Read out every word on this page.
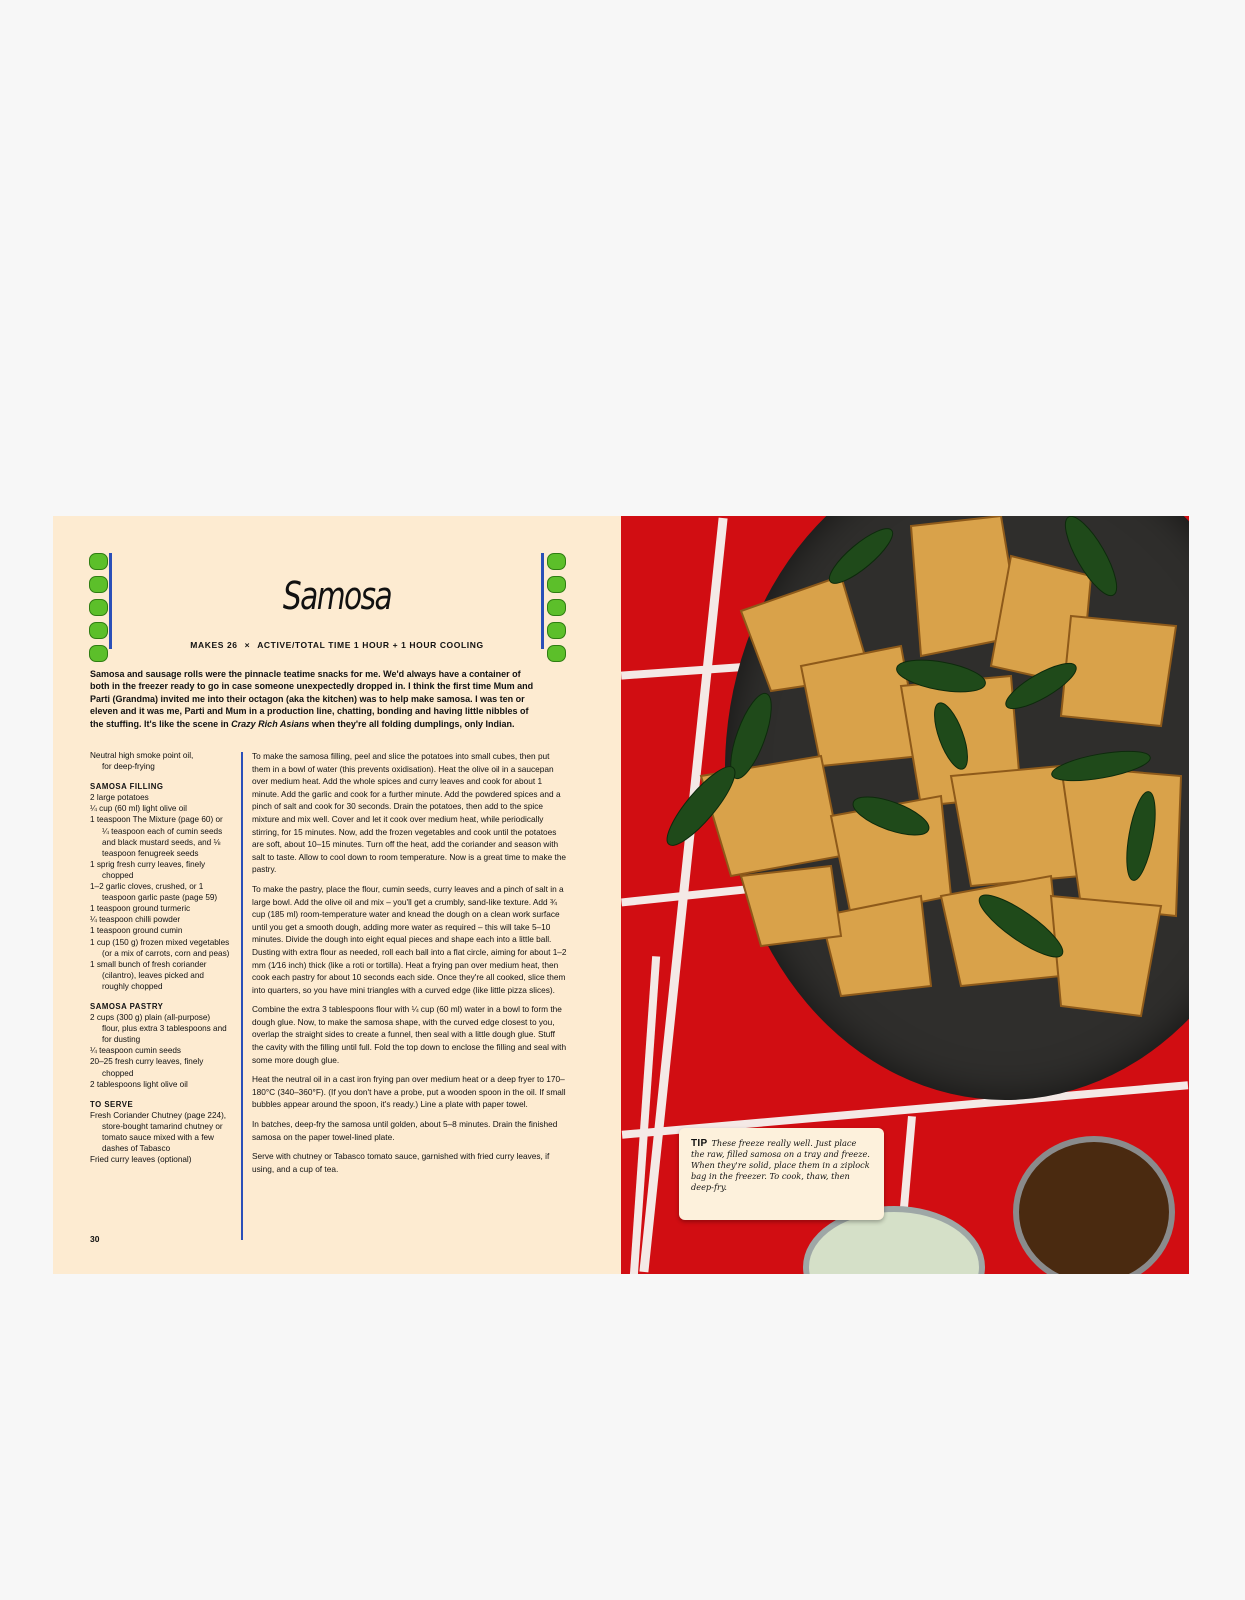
Samosa
MAKES 26 × ACTIVE/TOTAL TIME 1 HOUR + 1 HOUR COOLING
Samosa and sausage rolls were the pinnacle teatime snacks for me. We'd always have a container of both in the freezer ready to go in case someone unexpectedly dropped in. I think the first time Mum and Parti (Grandma) invited me into their octagon (aka the kitchen) was to help make samosa. I was ten or eleven and it was me, Parti and Mum in a production line, chatting, bonding and having little nibbles of the stuffing. It's like the scene in Crazy Rich Asians when they're all folding dumplings, only Indian.
Neutral high smoke point oil,
for deep-frying
SAMOSA FILLING
2 large potatoes
¼ cup (60 ml) light olive oil
1 teaspoon The Mixture (page 60) or ¼ teaspoon each of cumin seeds and black mustard seeds, and ⅛ teaspoon fenugreek seeds
1 sprig fresh curry leaves, finely chopped
1–2 garlic cloves, crushed, or 1 teaspoon garlic paste (page 59)
1 teaspoon ground turmeric
¼ teaspoon chilli powder
1 teaspoon ground cumin
1 cup (150 g) frozen mixed vegetables (or a mix of carrots, corn and peas)
1 small bunch of fresh coriander (cilantro), leaves picked and roughly chopped
SAMOSA PASTRY
2 cups (300 g) plain (all-purpose) flour, plus extra 3 tablespoons and for dusting
¼ teaspoon cumin seeds
20–25 fresh curry leaves, finely chopped
2 tablespoons light olive oil
TO SERVE
Fresh Coriander Chutney (page 224), store-bought tamarind chutney or tomato sauce mixed with a few dashes of Tabasco
Fried curry leaves (optional)
30

To make the samosa filling, peel and slice the potatoes into small cubes, then put them in a bowl of water (this prevents oxidisation). Heat the olive oil in a saucepan over medium heat. Add the whole spices and curry leaves and cook for about 1 minute. Add the garlic and cook for a further minute. Add the powdered spices and a pinch of salt and cook for 30 seconds. Drain the potatoes, then add to the spice mixture and mix well. Cover and let it cook over medium heat, while periodically stirring, for 15 minutes. Now, add the frozen vegetables and cook until the potatoes are soft, about 10–15 minutes. Turn off the heat, add the coriander and season with salt to taste. Allow to cool down to room temperature. Now is a great time to make the pastry.

To make the pastry, place the flour, cumin seeds, curry leaves and a pinch of salt in a large bowl. Add the olive oil and mix – you'll get a crumbly, sand-like texture. Add ¾ cup (185 ml) room-temperature water and knead the dough on a clean work surface until you get a smooth dough, adding more water as required – this will take 5–10 minutes. Divide the dough into eight equal pieces and shape each into a little ball. Dusting with extra flour as needed, roll each ball into a flat circle, aiming for about 1–2 mm (1⁄16 inch) thick (like a roti or tortilla). Heat a frying pan over medium heat, then cook each pastry for about 10 seconds each side. Once they're all cooked, slice them into quarters, so you have mini triangles with a curved edge (like little pizza slices).

Combine the extra 3 tablespoons flour with ¼ cup (60 ml) water in a bowl to form the dough glue. Now, to make the samosa shape, with the curved edge closest to you, overlap the straight sides to create a funnel, then seal with a little dough glue. Stuff the cavity with the filling until full. Fold the top down to enclose the filling and seal with some more dough glue.

Heat the neutral oil in a cast iron frying pan over medium heat or a deep fryer to 170–180°C (340–360°F). (If you don't have a probe, put a wooden spoon in the oil. If small bubbles appear around the spoon, it's ready.) Line a plate with paper towel.

In batches, deep-fry the samosa until golden, about 5–8 minutes. Drain the finished samosa on the paper towel-lined plate.

Serve with chutney or Tabasco tomato sauce, garnished with fried curry leaves, if using, and a cup of tea.

TIP These freeze really well. Just place the raw, filled samosa on a tray and freeze. When they're solid, place them in a ziplock bag in the freezer. To cook, thaw, then deep-fry.
